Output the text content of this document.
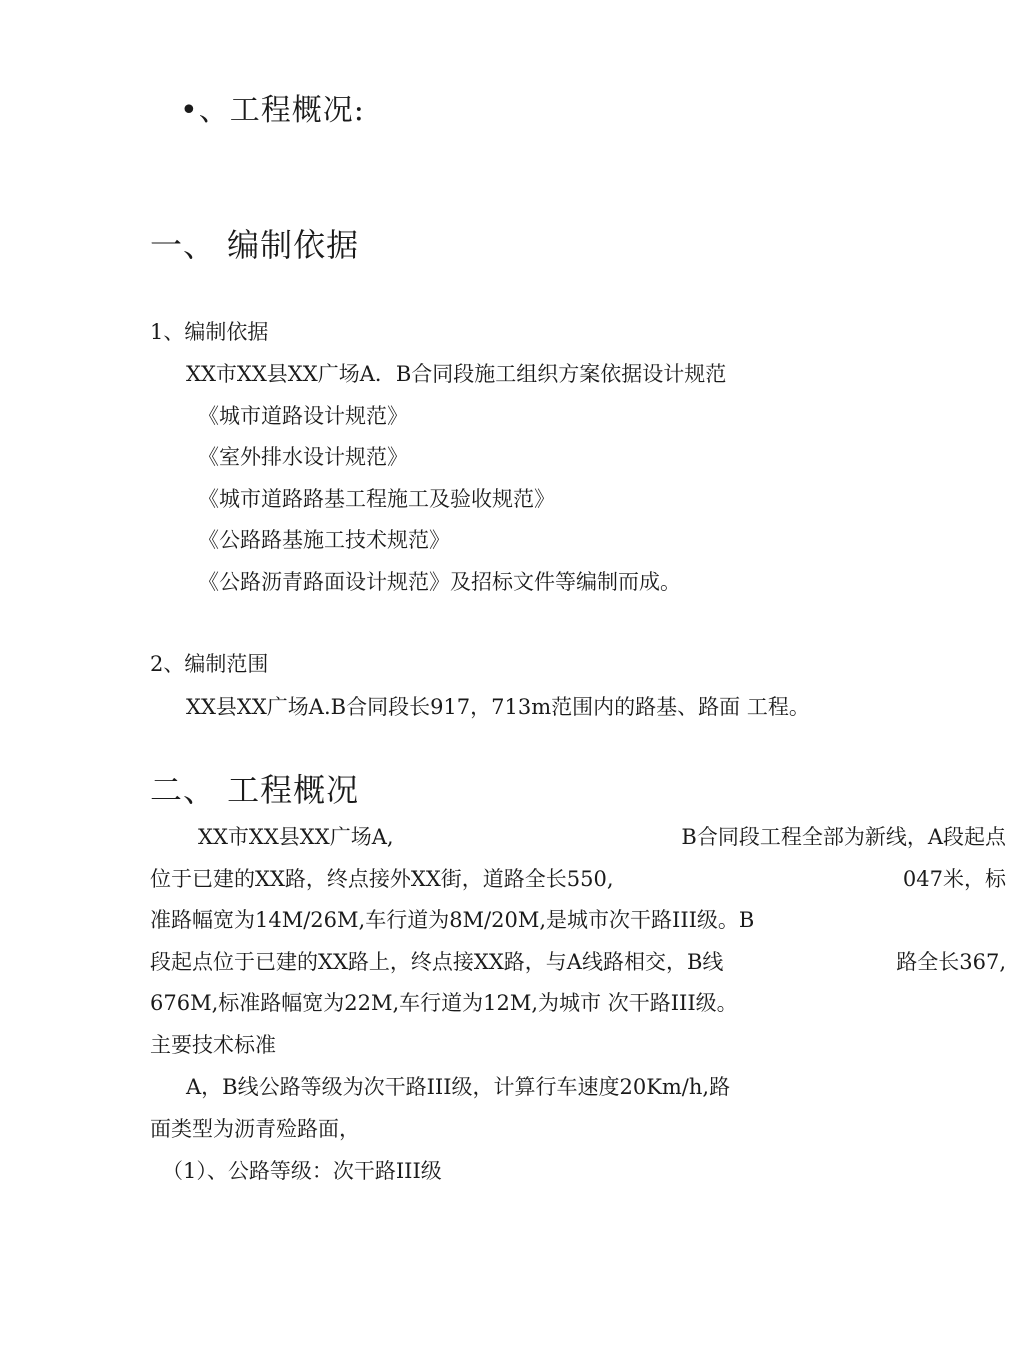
•、工程概况:
一、 编制依据
1、编制依据
XX市XX县XX广场A．B合同段施工组织方案依据设计规范
《城市道路设计规范》
《室外排水设计规范》
《城市道路路基工程施工及验收规范》
《公路路基施工技术规范》
《公路沥青路面设计规范》及招标文件等编制而成。
2、编制范围
XX县XX广场A.B合同段长917，713m范围内的路基、路面 工程。
二、 工程概况
XX市XX县XX广场A,	B合同段工程全部为新线，A段起点
位于已建的XX路，终点接外XX街，道路全长550,	047米，标
准路幅宽为14M/26M,车行道为8M/20M,是城市次干路III级。B
段起点位于已建的XX路上，终点接XX路，与A线路相交，B线	路全长367,
676M,标准路幅宽为22M,车行道为12M,为城市 次干路III级。
主要技术标准
A，B线公路等级为次干路III级，计算行车速度20Km/h,路
面类型为沥青殓路面，
（1）、公路等级：次干路III级
